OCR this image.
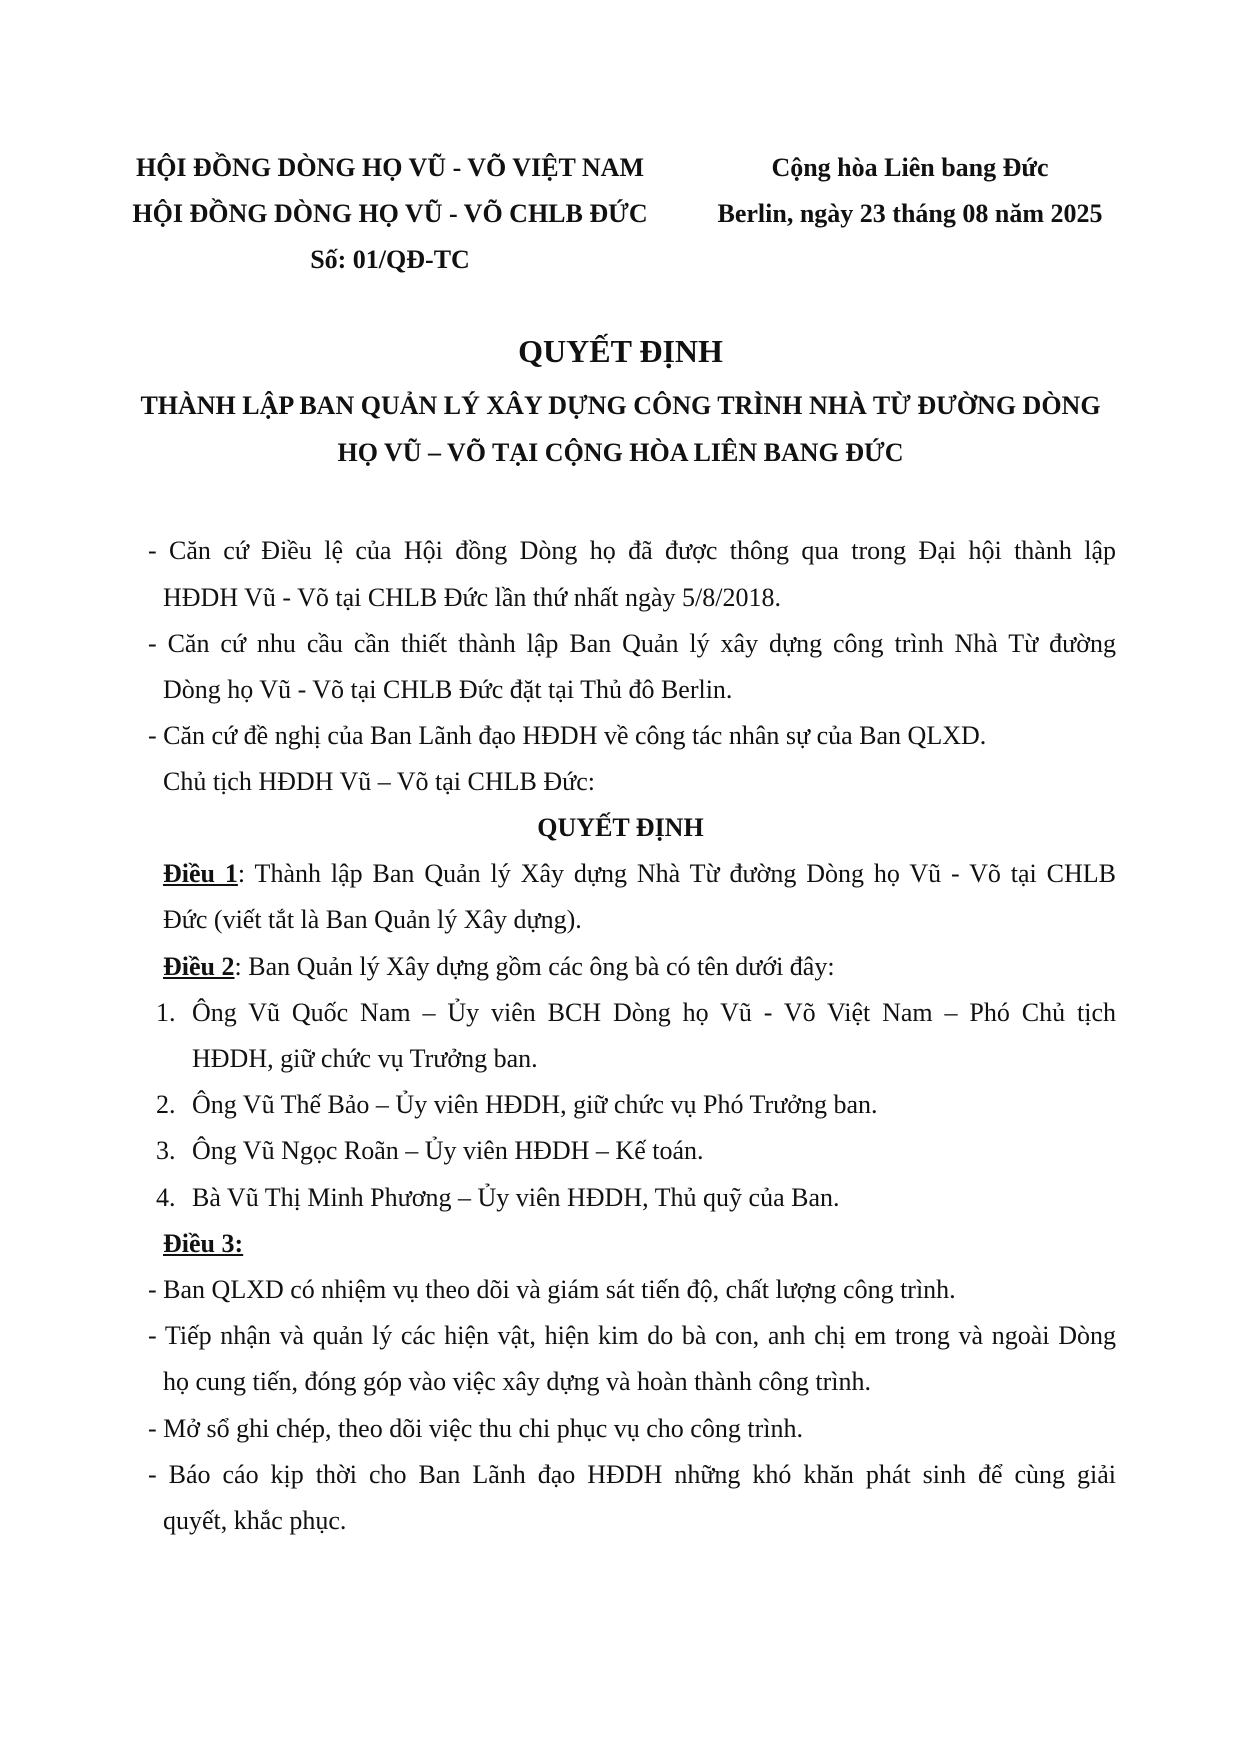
HỘI ĐỒNG DÒNG HỌ VŨ - VÕ VIỆT NAM
HỘI ĐỒNG DÒNG HỌ VŨ - VÕ CHLB ĐỨC
Số: 01/QĐ-TC
Cộng hòa Liên bang Đức
Berlin, ngày 23 tháng 08 năm 2025
QUYẾT ĐỊNH
THÀNH LẬP BAN QUẢN LÝ XÂY DỰNG CÔNG TRÌNH NHÀ TỪ ĐƯỜNG DÒNG
HỌ VŨ – VÕ TẠI CỘNG HÒA LIÊN BANG ĐỨC
- Căn cứ Điều lệ của Hội đồng Dòng họ đã được thông qua trong Đại hội thành lập
HĐDH Vũ - Võ tại CHLB Đức lần thứ nhất ngày 5/8/2018.
- Căn cứ nhu cầu cần thiết thành lập Ban Quản lý xây dựng công trình Nhà Từ đường
Dòng họ Vũ - Võ tại CHLB Đức đặt tại Thủ đô Berlin.
- Căn cứ đề nghị của Ban Lãnh đạo HĐDH về công tác nhân sự của Ban QLXD.
Chủ tịch HĐDH Vũ – Võ tại CHLB Đức:
QUYẾT ĐỊNH
Điều 1: Thành lập Ban Quản lý Xây dựng Nhà Từ đường Dòng họ Vũ - Võ tại CHLB
Đức (viết tắt là Ban Quản lý Xây dựng).
Điều 2: Ban Quản lý Xây dựng gồm các ông bà có tên dưới đây:
1. Ông Vũ Quốc Nam – Ủy viên BCH Dòng họ Vũ - Võ Việt Nam – Phó Chủ tịch
HĐDH, giữ chức vụ Trưởng ban.
2. Ông Vũ Thế Bảo – Ủy viên HĐDH, giữ chức vụ Phó Trưởng ban.
3. Ông Vũ Ngọc Roãn – Ủy viên HĐDH – Kế toán.
4. Bà Vũ Thị Minh Phương – Ủy viên HĐDH, Thủ quỹ của Ban.
Điều 3:
- Ban QLXD có nhiệm vụ theo dõi và giám sát tiến độ, chất lượng công trình.
- Tiếp nhận và quản lý các hiện vật, hiện kim do bà con, anh chị em trong và ngoài Dòng
họ cung tiến, đóng góp vào việc xây dựng và hoàn thành công trình.
- Mở sổ ghi chép, theo dõi việc thu chi phục vụ cho công trình.
- Báo cáo kịp thời cho Ban Lãnh đạo HĐDH những khó khăn phát sinh để cùng giải
quyết, khắc phục.
